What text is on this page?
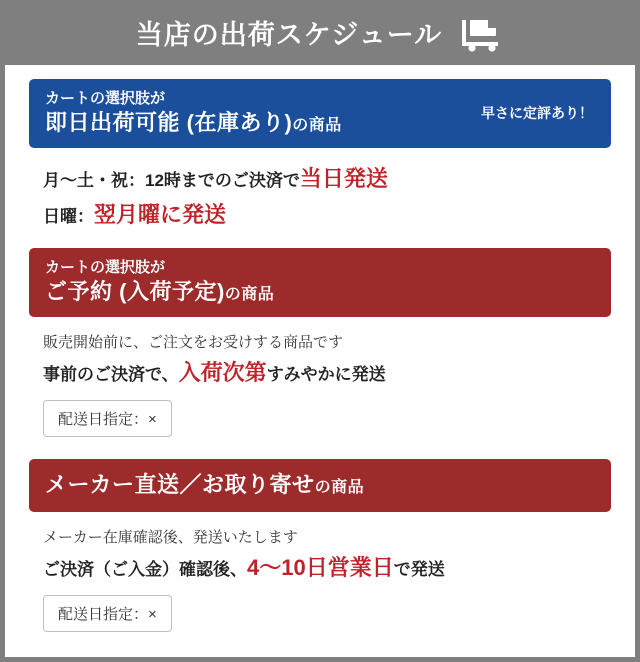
当店の出荷スケジュール
カートの選択肢が
即日出荷可能 (在庫あり)の商品
早さに定評あり！
月〜土・祝：12時までのご決済で当日発送
日曜：翌月曜に発送
カートの選択肢が
ご予約 (入荷予定)の商品
販売開始前に、ご注文をお受けする商品です
事前のご決済で、入荷次第すみやかに発送
配送日指定：×
メーカー直送／お取り寄せの商品
メーカー在庫確認後、発送いたします
ご決済（ご入金）確認後、4〜10日営業日で発送
配送日指定：×
